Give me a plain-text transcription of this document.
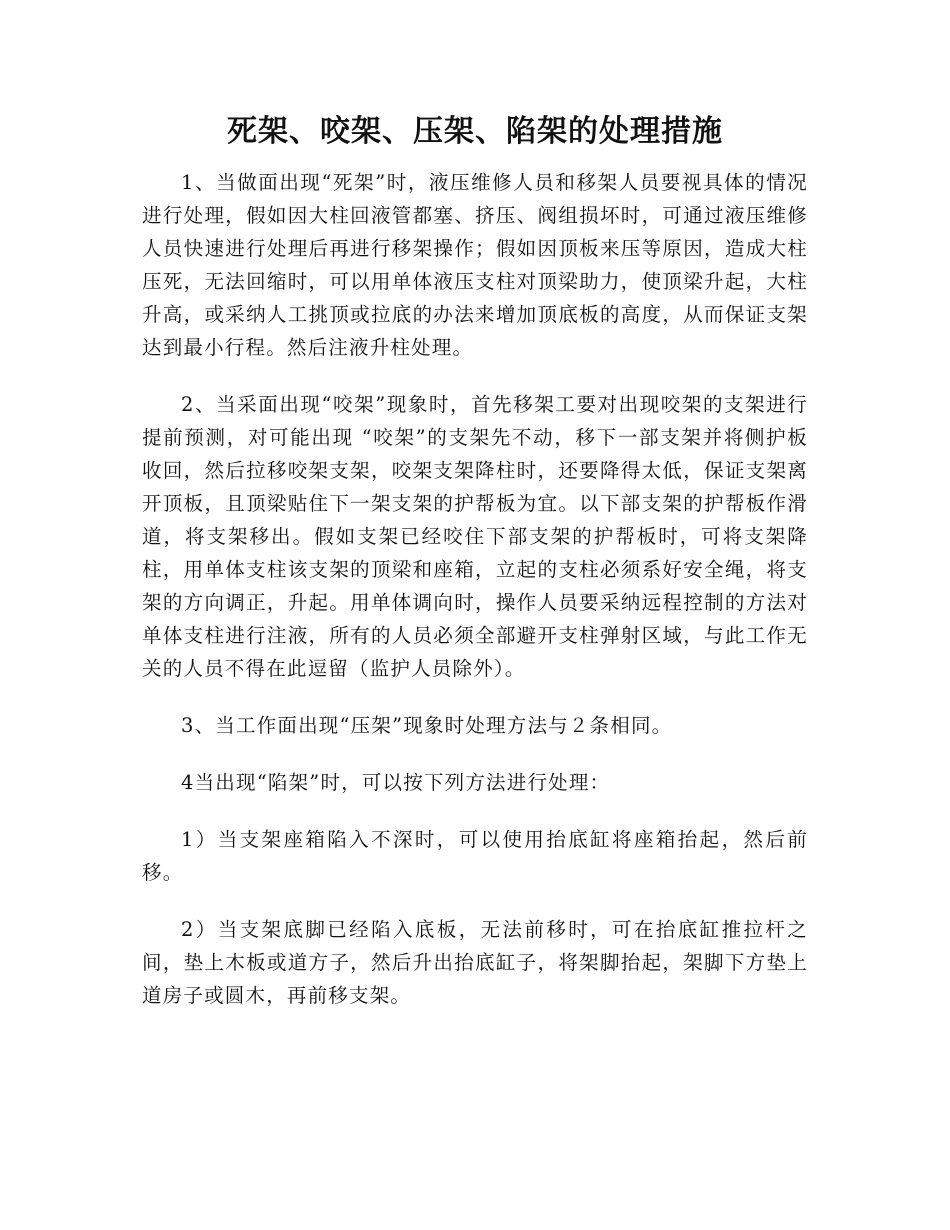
死架、咬架、压架、陷架的处理措施

1、当做面出现“死架”时，液压维修人员和移架人员要视具体的情况进行处理，假如因大柱回液管都塞、挤压、阀组损坏时，可通过液压维修人员快速进行处理后再进行移架操作；假如因顶板来压等原因，造成大柱压死，无法回缩时，可以用单体液压支柱对顶梁助力，使顶梁升起，大柱升高，或采纳人工挑顶或拉底的办法来增加顶底板的高度，从而保证支架达到最小行程。然后注液升柱处理。

2、当采面出现“咬架”现象时，首先移架工要对出现咬架的支架进行提前预测，对可能出现 “咬架”的支架先不动，移下一部支架并将侧护板收回，然后拉移咬架支架，咬架支架降柱时，还要降得太低，保证支架离开顶板，且顶梁贴住下一架支架的护帮板为宜。以下部支架的护帮板作滑道，将支架移出。假如支架已经咬住下部支架的护帮板时，可将支架降柱，用单体支柱该支架的顶梁和座箱，立起的支柱必须系好安全绳，将支架的方向调正，升起。用单体调向时，操作人员要采纳远程控制的方法对单体支柱进行注液，所有的人员必须全部避开支柱弹射区域，与此工作无关的人员不得在此逗留（监护人员除外）。

3、当工作面出现“压架”现象时处理方法与２条相同。

4当出现“陷架”时，可以按下列方法进行处理：

1）当支架座箱陷入不深时，可以使用抬底缸将座箱抬起，然后前移。

2）当支架底脚已经陷入底板，无法前移时，可在抬底缸推拉杆之间，垫上木板或道方子，然后升出抬底缸子，将架脚抬起，架脚下方垫上道房子或圆木，再前移支架。
